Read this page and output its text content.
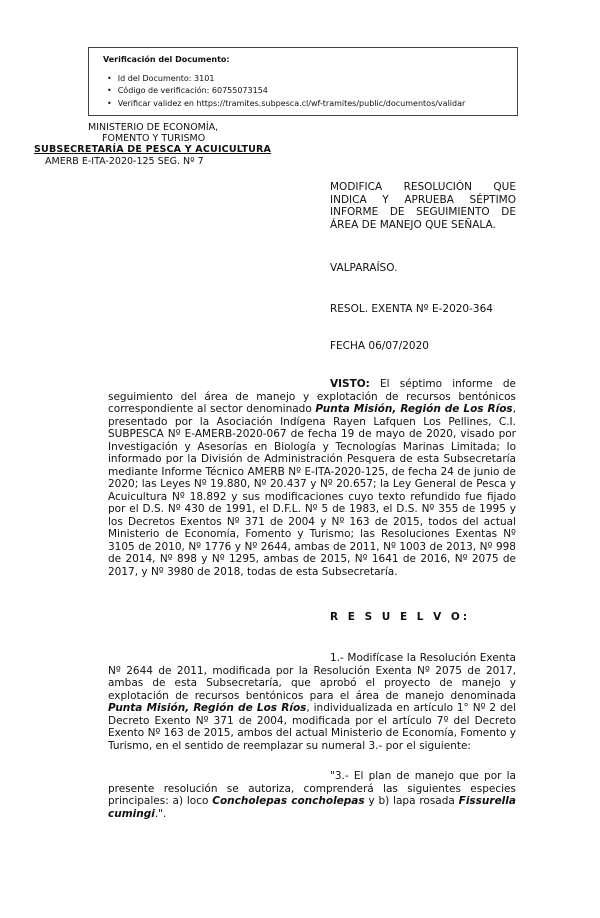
Verificación del Documento:
• Id del Documento: 3101
• Código de verificación: 60755073154
• Verificar validez en https://tramites.subpesca.cl/wf-tramites/public/documentos/validar
MINISTERIO DE ECONOMÍA,
FOMENTO Y TURISMO
SUBSECRETARÍA DE PESCA Y ACUICULTURA
AMERB E-ITA-2020-125 SEG. Nº 7
MODIFICA RESOLUCIÓN QUE INDICA Y APRUEBA SÉPTIMO INFORME DE SEGUIMIENTO DE ÁREA DE MANEJO QUE SEÑALA.
VALPARAÍSO.
RESOL. EXENTA Nº E-2020-364
FECHA 06/07/2020
VISTO: El séptimo informe de seguimiento del área de manejo y explotación de recursos bentónicos correspondiente al sector denominado Punta Misión, Región de Los Ríos, presentado por la Asociación Indígena Rayen Lafquen Los Pellines, C.I. SUBPESCA Nº E-AMERB-2020-067 de fecha 19 de mayo de 2020, visado por Investigación y Asesorías en Biología y Tecnologías Marinas Limitada; lo informado por la División de Administración Pesquera de esta Subsecretaría mediante Informe Técnico AMERB Nº E-ITA-2020-125, de fecha 24 de junio de 2020; las Leyes Nº 19.880, Nº 20.437 y Nº 20.657; la Ley General de Pesca y Acuicultura Nº 18.892 y sus modificaciones cuyo texto refundido fue fijado por el D.S. Nº 430 de 1991, el D.F.L. Nº 5 de 1983, el D.S. Nº 355 de 1995 y los Decretos Exentos Nº 371 de 2004 y Nº 163 de 2015, todos del actual Ministerio de Economía, Fomento y Turismo; las Resoluciones Exentas Nº 3105 de 2010, Nº 1776 y Nº 2644, ambas de 2011, Nº 1003 de 2013, Nº 998 de 2014, Nº 898 y Nº 1295, ambas de 2015, Nº 1641 de 2016, Nº 2075 de 2017, y Nº 3980 de 2018, todas de esta Subsecretaría.
R E S U E L V O:
1.- Modifícase la Resolución Exenta Nº 2644 de 2011, modificada por la Resolución Exenta Nº 2075 de 2017, ambas de esta Subsecretaría, que aprobó el proyecto de manejo y explotación de recursos bentónicos para el área de manejo denominada Punta Misión, Región de Los Ríos, individualizada en artículo 1° Nº 2 del Decreto Exento Nº 371 de 2004, modificada por el artículo 7º del Decreto Exento Nº 163 de 2015, ambos del actual Ministerio de Economía, Fomento y Turismo, en el sentido de reemplazar su numeral 3.- por el siguiente:
"3.- El plan de manejo que por la presente resolución se autoriza, comprenderá las siguientes especies principales: a) loco Concholepas concholepas y b) lapa rosada Fissurella cumingi.".
